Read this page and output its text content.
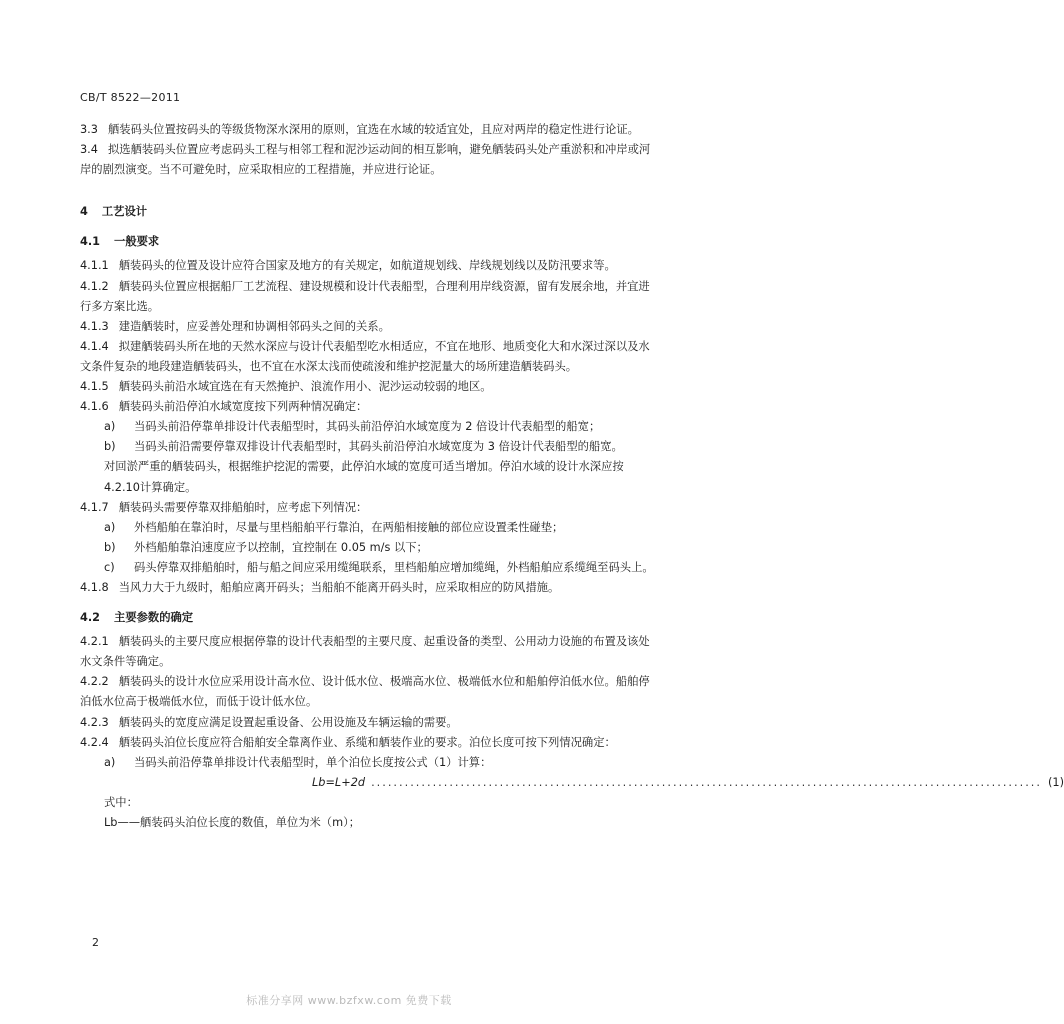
CB/T 8522—2011

3.3 舾装码头位置按码头的等级货物深水深用的原则，宜选在水域的较适宜处，且应对两岸的稳定性进行论证。

3.4 拟选舾装码头位置应考虑码头工程与相邻工程和泥沙运动间的相互影响，避免舾装码头处产重淤积和冲岸或河岸的剧烈演变。当不可避免时，应采取相应的工程措施，并应进行论证。

4 工艺设计

4.1 一般要求

4.1.1 舾装码头的位置及设计应符合国家及地方的有关规定，如航道规划线、岸线规划线以及防汛要求等。

4.1.2 舾装码头位置应根据船厂工艺流程、建设规模和设计代表船型，合理利用岸线资源，留有发展余地，并宜进行多方案比选。

4.1.3 建造舾装时，应妥善处理和协调相邻码头之间的关系。

4.1.4 拟建舾装码头所在地的天然水深应与设计代表船型吃水相适应，不宜在地形、地质变化大和水深过深以及水文条件复杂的地段建造舾装码头，也不宜在水深太浅而使疏浚和维护挖泥量大的场所建造舾装码头。

4.1.5 舾装码头前沿水域宜选在有天然掩护、浪流作用小、泥沙运动较弱的地区。

4.1.6 舾装码头前沿停泊水域宽度按下列两种情况确定：

a) 当码头前沿停靠单排设计代表船型时，其码头前沿停泊水域宽度为 2 倍设计代表船型的船宽；

b) 当码头前沿需要停靠双排设计代表船型时，其码头前沿停泊水域宽度为 3 倍设计代表船型的船宽。

对回淤严重的舾装码头，根据维护挖泥的需要，此停泊水域的宽度可适当增加。停泊水域的设计水深应按4.2.10计算确定。

4.1.7 舾装码头需要停靠双排船舶时，应考虑下列情况：

a) 外档船舶在靠泊时，尽量与里档船舶平行靠泊，在两船相接触的部位应设置柔性碰垫；

b) 外档船舶靠泊速度应予以控制，宜控制在 0.05 m/s 以下；

c) 码头停靠双排船舶时，船与船之间应采用缆绳联系，里档船舶应增加缆绳，外档船舶应系缆绳至码头上。

4.1.8 当风力大于九级时，船舶应离开码头；当船舶不能离开码头时，应采取相应的防风措施。

4.2 主要参数的确定

4.2.1 舾装码头的主要尺度应根据停靠的设计代表船型的主要尺度、起重设备的类型、公用动力设施的布置及该处水文条件等确定。

4.2.2 舾装码头的设计水位应采用设计高水位、设计低水位、极端高水位、极端低水位和船舶停泊低水位。船舶停泊低水位高于极端低水位，而低于设计低水位。

4.2.3 舾装码头的宽度应满足设置起重设备、公用设施及车辆运输的需要。

4.2.4 舾装码头泊位长度应符合船舶安全靠离作业、系缆和舾装作业的要求。泊位长度可按下列情况确定：

a) 当码头前沿停靠单排设计代表船型时，单个泊位长度按公式（1）计算：

Lb=L+2d ........................................................................................................................ (1)

式中：

Lb——舾装码头泊位长度的数值，单位为米（m）；

2
标准分享网 www.bzfxw.com 免费下载
